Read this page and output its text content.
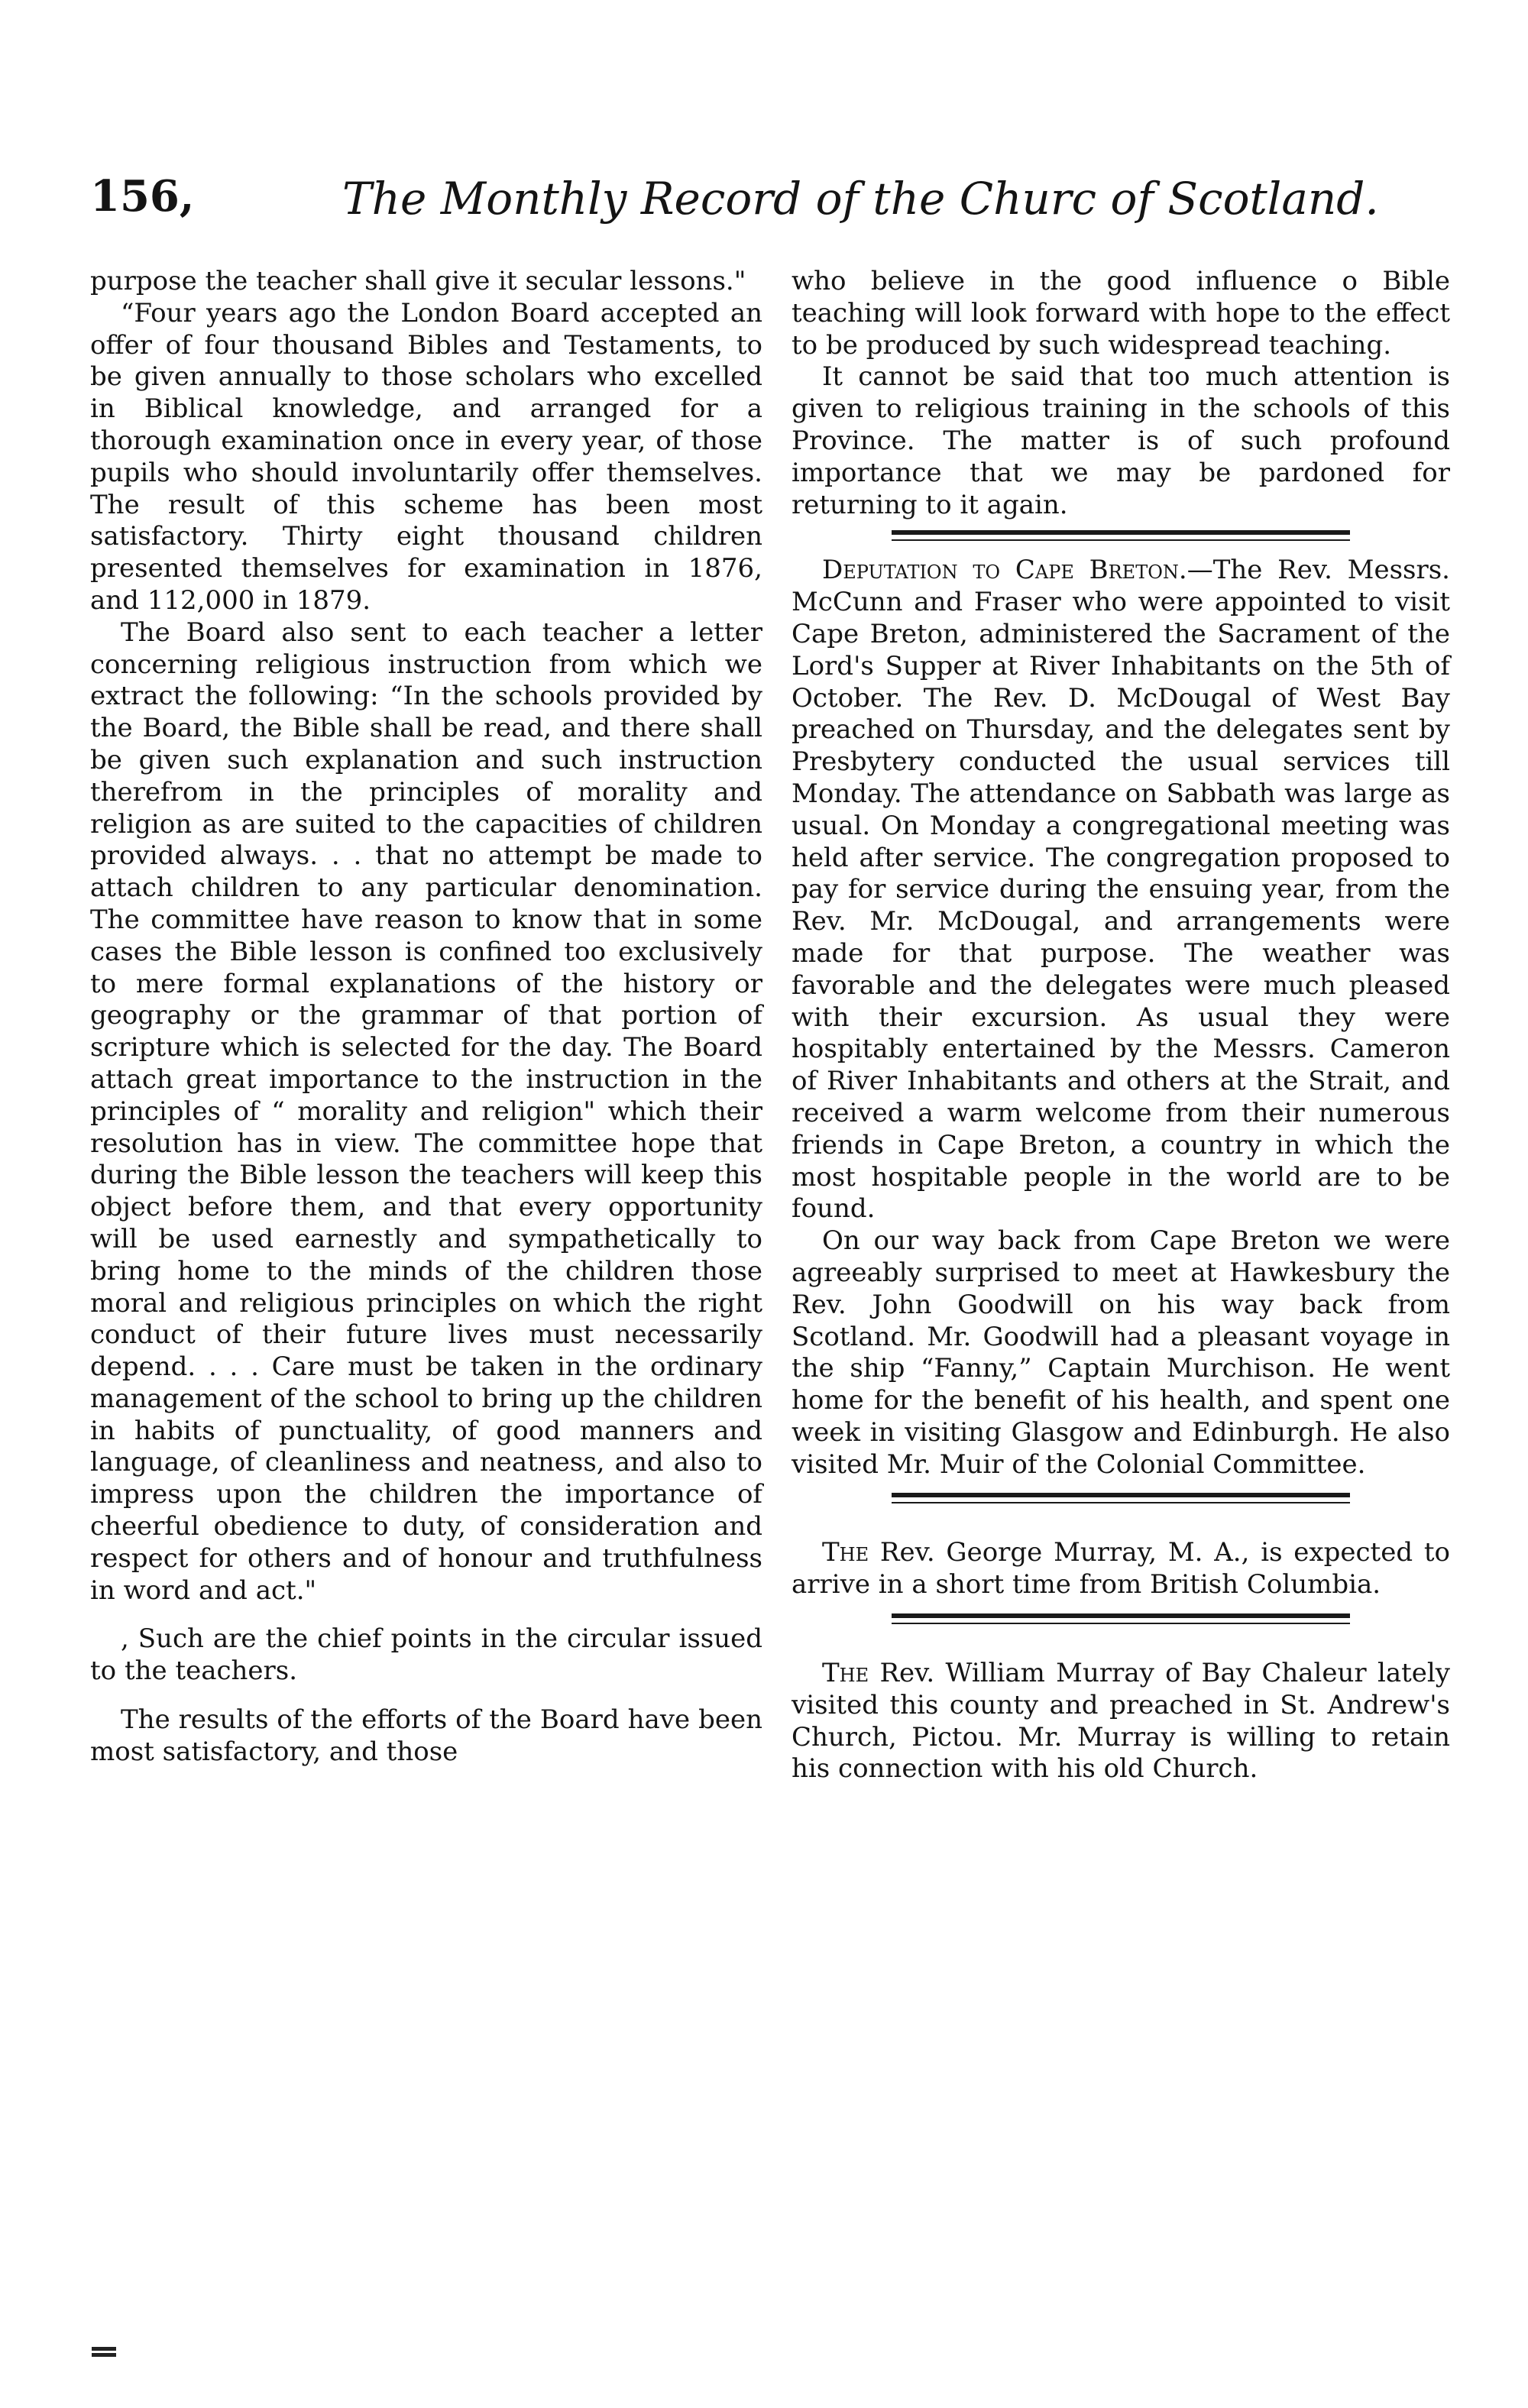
156,	The Monthly Record of the Churc of Scotland.

purpose the teacher shall give it secular lessons."

“Four years ago the London Board accepted an offer of four thousand Bibles and Testaments, to be given annually to those scholars who excelled in Biblical knowledge, and arranged for a thorough examination once in every year, of those pupils who should involuntarily offer themselves. The result of this scheme has been most satisfactory. Thirty eight thousand children presented themselves for examination in 1876, and 112,000 in 1879.

The Board also sent to each teacher a letter concerning religious instruction from which we extract the following: “In the schools provided by the Board, the Bible shall be read, and there shall be given such explanation and such instruction therefrom in the principles of morality and religion as are suited to the capacities of children provided always. . . that no attempt be made to attach children to any particular denomination. The committee have reason to know that in some cases the Bible lesson is confined too exclusively to mere formal explanations of the history or geography or the grammar of that portion of scripture which is selected for the day. The Board attach great importance to the instruction in the principles of “ morality and religion" which their resolution has in view. The committee hope that during the Bible lesson the teachers will keep this object before them, and that every opportunity will be used earnestly and sympathetically to bring home to the minds of the children those moral and religious principles on which the right conduct of their future lives must necessarily depend. . . . Care must be taken in the ordinary management of the school to bring up the children in habits of punctuality, of good manners and language, of cleanliness and neatness, and also to impress upon the children the importance of cheerful obedience to duty, of consideration and respect for others and of honour and truthfulness in word and act."

, Such are the chief points in the circular issued to the teachers.

The results of the efforts of the Board have been most satisfactory, and those

who believe in the good influence o Bible teaching will look forward with hope to the effect to be produced by such widespread teaching.

It cannot be said that too much attention is given to religious training in the schools of this Province. The matter is of such profound importance that we may be pardoned for returning to it again.

Deputation to Cape Breton.—The Rev. Messrs. McCunn and Fraser who were appointed to visit Cape Breton, administered the Sacrament of the Lord's Supper at River Inhabitants on the 5th of October. The Rev. D. McDougal of West Bay preached on Thursday, and the delegates sent by Presbytery conducted the usual services till Monday. The attendance on Sabbath was large as usual. On Monday a congregational meeting was held after service. The congregation proposed to pay for service during the ensuing year, from the Rev. Mr. McDougal, and arrangements were made for that purpose. The weather was favorable and the delegates were much pleased with their excursion. As usual they were hospitably entertained by the Messrs. Cameron of River Inhabitants and others at the Strait, and received a warm welcome from their numerous friends in Cape Breton, a country in which the most hospitable people in the world are to be found.

On our way back from Cape Breton we were agreeably surprised to meet at Hawkesbury the Rev. John Goodwill on his way back from Scotland. Mr. Goodwill had a pleasant voyage in the ship “Fanny,” Captain Murchison. He went home for the benefit of his health, and spent one week in visiting Glasgow and Edinburgh. He also visited Mr. Muir of the Colonial Committee.

The Rev. George Murray, M. A., is expected to arrive in a short time from British Columbia.

The Rev. William Murray of Bay Chaleur lately visited this county and preached in St. Andrew's Church, Pictou. Mr. Murray is willing to retain his connection with his old Church.
